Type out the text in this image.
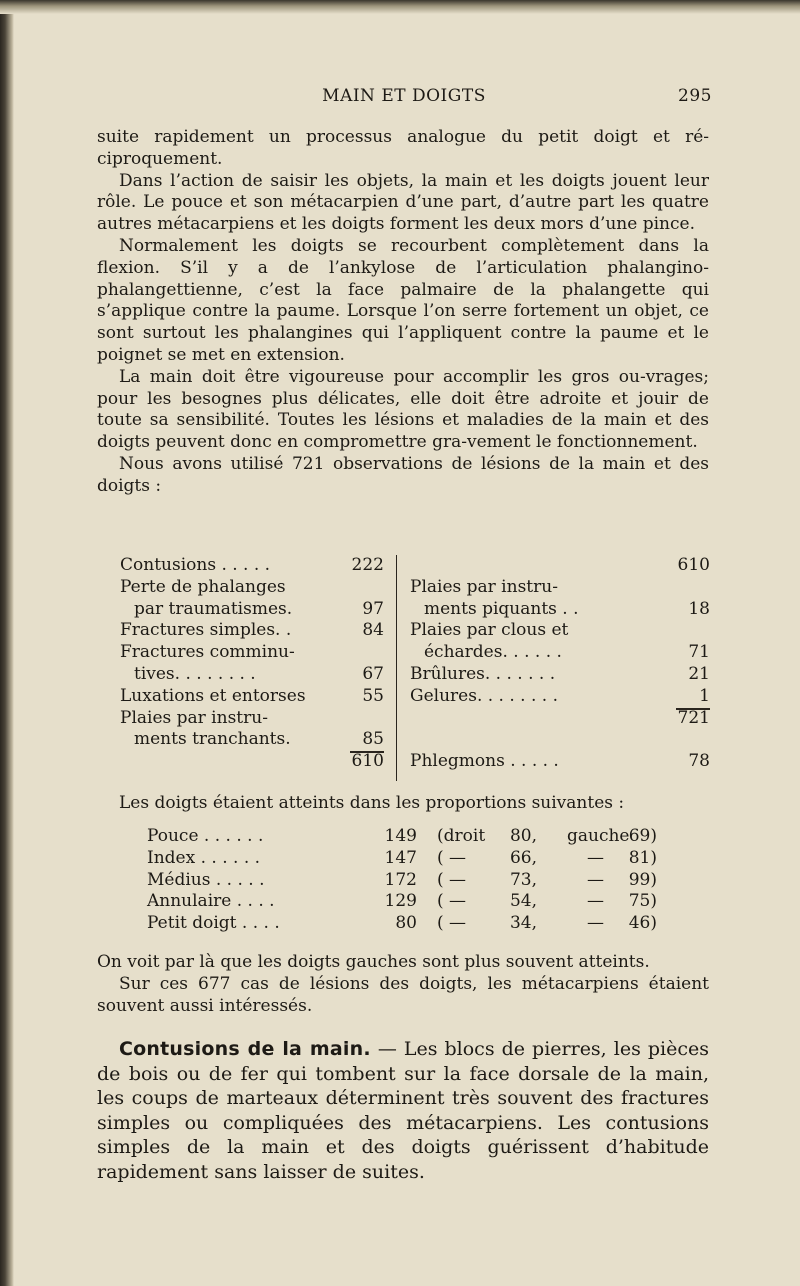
MAIN ET DOIGTS	295

suite rapidement un processus analogue du petit doigt et ré-ciproquement.

Dans l’action de saisir les objets, la main et les doigts jouent leur rôle. Le pouce et son métacarpien d’une part, d’autre part les quatre autres métacarpiens et les doigts forment les deux mors d’une pince.

Normalement les doigts se recourbent complètement dans la flexion. S’il y a de l’ankylose de l’articulation phalangino-phalangettienne, c’est la face palmaire de la phalangette qui s’applique contre la paume. Lorsque l’on serre fortement un objet, ce sont surtout les phalangines qui l’appliquent contre la paume et le poignet se met en extension.

La main doit être vigoureuse pour accomplir les gros ou-vrages; pour les besognes plus délicates, elle doit être adroite et jouir de toute sa sensibilité. Toutes les lésions et maladies de la main et des doigts peuvent donc en compromettre gra-vement le fonctionnement.

Nous avons utilisé 721 observations de lésions de la main et des doigts :

Contusions . . . . .	222
Perte de phalanges
par traumatismes.	97
Fractures simples. .	84
Fractures comminu-
tives. . . . . . . .	67
Luxations et entorses	55
Plaies par instru-
ments tranchants.	85
610
610
Plaies par instru-
ments piquants . .	18
Plaies par clous et
échardes. . . . . .	71
Brûlures. . . . . . .	21
Gelures. . . . . . . .	1
721
Phlegmons . . . . .	78

Les doigts étaient atteints dans les proportions suivantes :

Pouce . . . . . .	149 (droit	80, gauche 69)
Index . . . . . .	147 ( —	66,	—	81)
Médius . . . . .	172 ( —	73,	—	99)
Annulaire . . . .	129 ( —	54,	—	75)
Petit doigt . . . .	80 ( —	34,	—	46)

On voit par là que les doigts gauches sont plus souvent atteints.

Sur ces 677 cas de lésions des doigts, les métacarpiens étaient souvent aussi intéressés.

Contusions de la main. — Les blocs de pierres, les pièces de bois ou de fer qui tombent sur la face dorsale de la main, les coups de marteaux déterminent très souvent des fractures simples ou compliquées des métacarpiens. Les contusions simples de la main et des doigts guérissent d’habitude rapidement sans laisser de suites.
